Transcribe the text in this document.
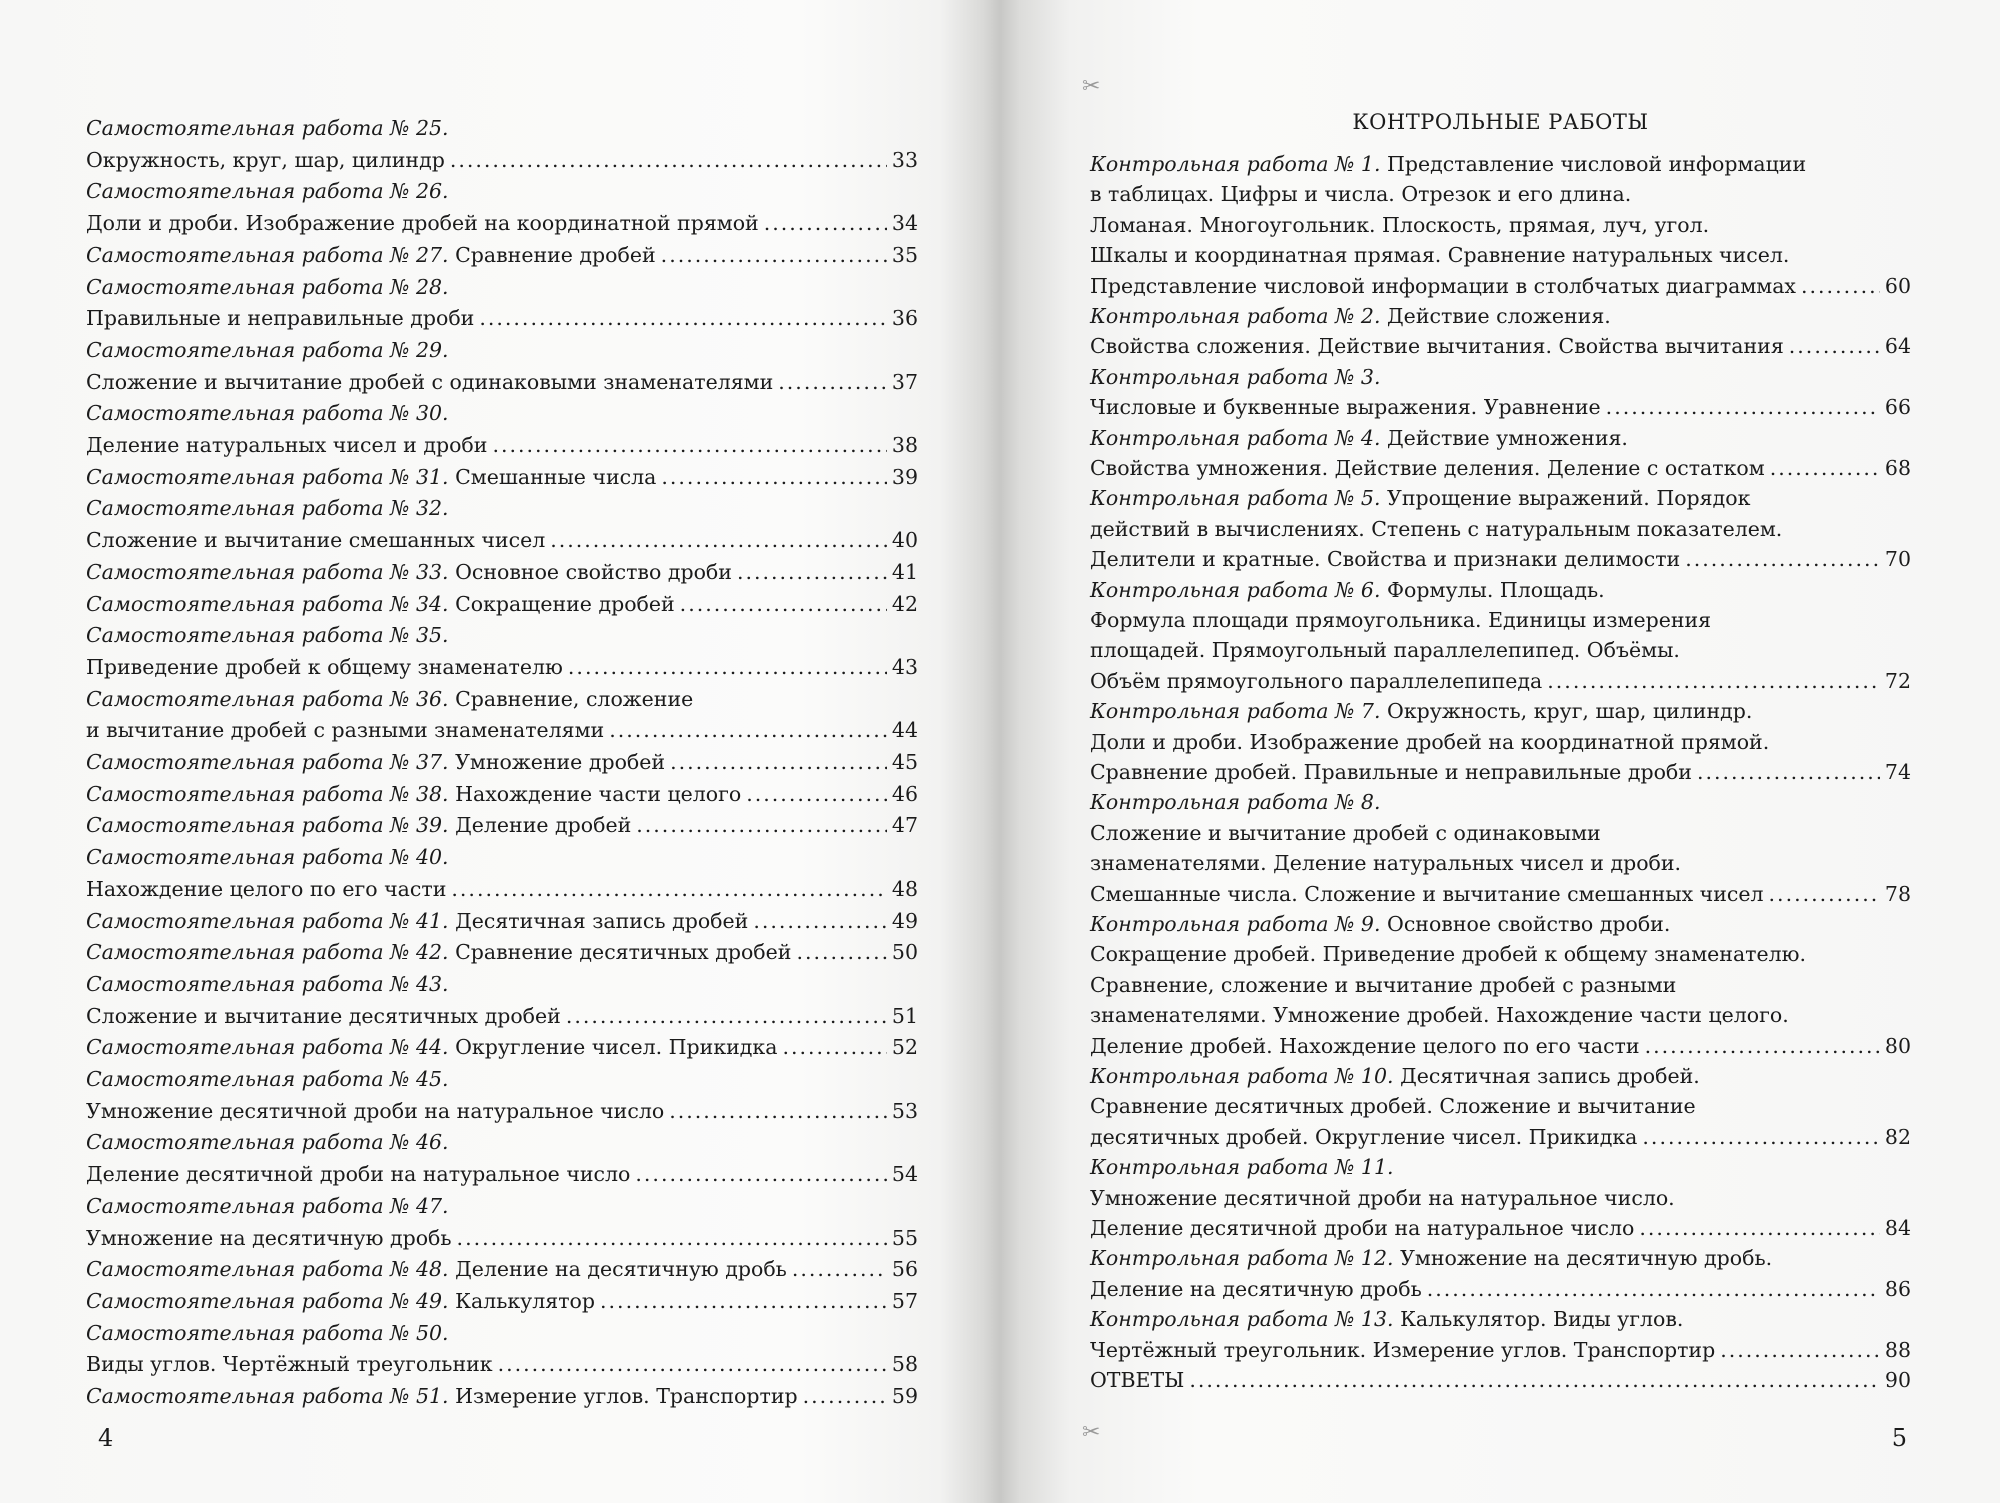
✂
✂
Самостоятельная работа № 25.
Окружность, круг, шар, цилиндр .....	33
Самостоятельная работа № 26.
Доли и дроби. Изображение дробей на координатной прямой .....	34
Самостоятельная работа № 27. Сравнение дробей .....	35
Самостоятельная работа № 28.
Правильные и неправильные дроби .....	36
Самостоятельная работа № 29.
Сложение и вычитание дробей с одинаковыми знаменателями .....	37
Самостоятельная работа № 30.
Деление натуральных чисел и дроби .....	38
Самостоятельная работа № 31. Смешанные числа .....	39
Самостоятельная работа № 32.
Сложение и вычитание смешанных чисел .....	40
Самостоятельная работа № 33. Основное свойство дроби .....	41
Самостоятельная работа № 34. Сокращение дробей .....	42
Самостоятельная работа № 35.
Приведение дробей к общему знаменателю .....	43
Самостоятельная работа № 36. Сравнение, сложение
и вычитание дробей с разными знаменателями .....	44
Самостоятельная работа № 37. Умножение дробей .....	45
Самостоятельная работа № 38. Нахождение части целого .....	46
Самостоятельная работа № 39. Деление дробей .....	47
Самостоятельная работа № 40.
Нахождение целого по его части .....	48
Самостоятельная работа № 41. Десятичная запись дробей .....	49
Самостоятельная работа № 42. Сравнение десятичных дробей .....	50
Самостоятельная работа № 43.
Сложение и вычитание десятичных дробей .....	51
Самостоятельная работа № 44. Округление чисел. Прикидка .....	52
Самостоятельная работа № 45.
Умножение десятичной дроби на натуральное число .....	53
Самостоятельная работа № 46.
Деление десятичной дроби на натуральное число .....	54
Самостоятельная работа № 47.
Умножение на десятичную дробь .....	55
Самостоятельная работа № 48. Деление на десятичную дробь .....	56
Самостоятельная работа № 49. Калькулятор .....	57
Самостоятельная работа № 50.
Виды углов. Чертёжный треугольник .....	58
Самостоятельная работа № 51. Измерение углов. Транспортир .....	59
4
КОНТРОЛЬНЫЕ РАБОТЫ
Контрольная работа № 1. Представление числовой информации
в таблицах. Цифры и числа. Отрезок и его длина.
Ломаная. Многоугольник. Плоскость, прямая, луч, угол.
Шкалы и координатная прямая. Сравнение натуральных чисел.
Представление числовой информации в столбчатых диаграммах .....	60
Контрольная работа № 2. Действие сложения.
Свойства сложения. Действие вычитания. Свойства вычитания .....	64
Контрольная работа № 3.
Числовые и буквенные выражения. Уравнение .....	66
Контрольная работа № 4. Действие умножения.
Свойства умножения. Действие деления. Деление с остатком .....	68
Контрольная работа № 5. Упрощение выражений. Порядок
действий в вычислениях. Степень с натуральным показателем.
Делители и кратные. Свойства и признаки делимости .....	70
Контрольная работа № 6. Формулы. Площадь.
Формула площади прямоугольника. Единицы измерения
площадей. Прямоугольный параллелепипед. Объёмы.
Объём прямоугольного параллелепипеда .....	72
Контрольная работа № 7. Окружность, круг, шар, цилиндр.
Доли и дроби. Изображение дробей на координатной прямой.
Сравнение дробей. Правильные и неправильные дроби .....	74
Контрольная работа № 8.
Сложение и вычитание дробей с одинаковыми
знаменателями. Деление натуральных чисел и дроби.
Смешанные числа. Сложение и вычитание смешанных чисел .....	78
Контрольная работа № 9. Основное свойство дроби.
Сокращение дробей. Приведение дробей к общему знаменателю.
Сравнение, сложение и вычитание дробей с разными
знаменателями. Умножение дробей. Нахождение части целого.
Деление дробей. Нахождение целого по его части .....	80
Контрольная работа № 10. Десятичная запись дробей.
Сравнение десятичных дробей. Сложение и вычитание
десятичных дробей. Округление чисел. Прикидка .....	82
Контрольная работа № 11.
Умножение десятичной дроби на натуральное число.
Деление десятичной дроби на натуральное число .....	84
Контрольная работа № 12. Умножение на десятичную дробь.
Деление на десятичную дробь .....	86
Контрольная работа № 13. Калькулятор. Виды углов.
Чертёжный треугольник. Измерение углов. Транспортир .....	88
ОТВЕТЫ .....	90
5
